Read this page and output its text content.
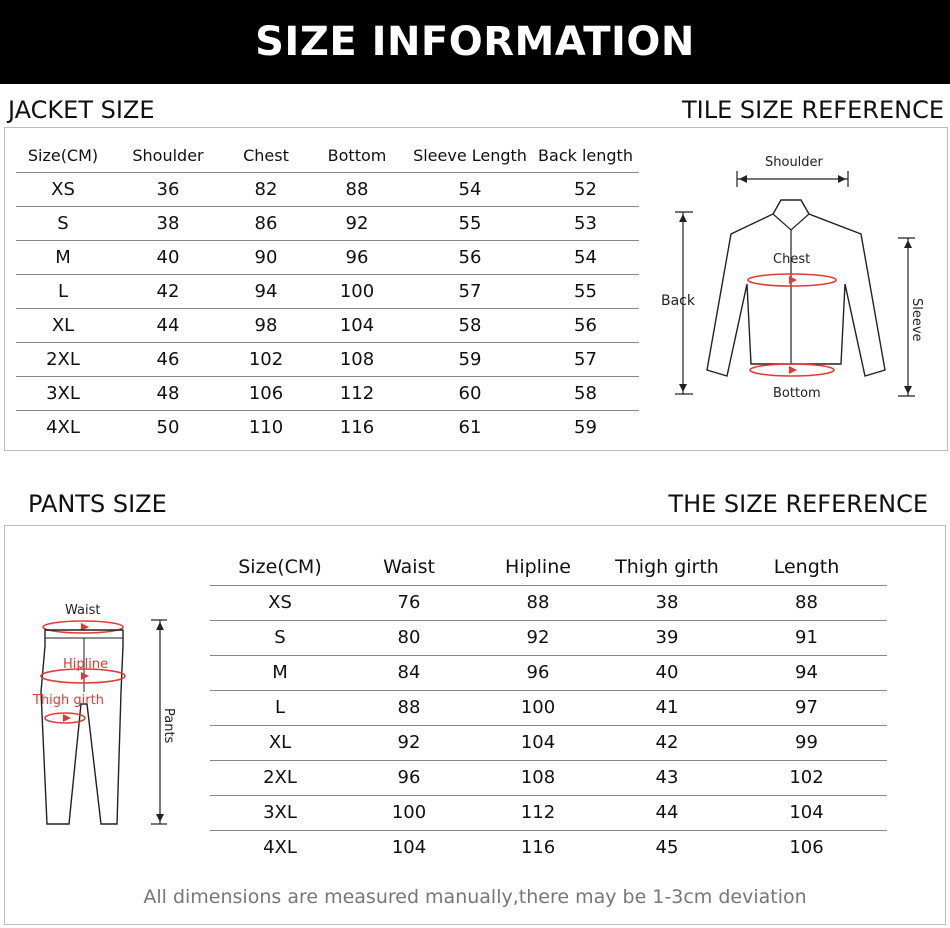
SIZE INFORMATION
JACKET SIZE	TILE SIZE REFERENCE
Size(CM)	Shoulder	Chest	Bottom	Sleeve Length	Back length
XS	36	82	88	54	52
S	38	86	92	55	53
M	40	90	96	56	54
L	42	94	100	57	55
XL	44	98	104	58	56
2XL	46	102	108	59	57
3XL	48	106	112	60	58
4XL	50	110	116	61	59
Shoulder
Chest
Bottom
Back	Sleeve
PANTS SIZE	THE SIZE REFERENCE
Waist
Hipline
Thigh girth
Pants
Size(CM)	Waist	Hipline	Thigh girth	Length
XS	76	88	38	88
S	80	92	39	91
M	84	96	40	94
L	88	100	41	97
XL	92	104	42	99
2XL	96	108	43	102
3XL	100	112	44	104
4XL	104	116	45	106
All dimensions are measured manually,there may be 1-3cm deviation
